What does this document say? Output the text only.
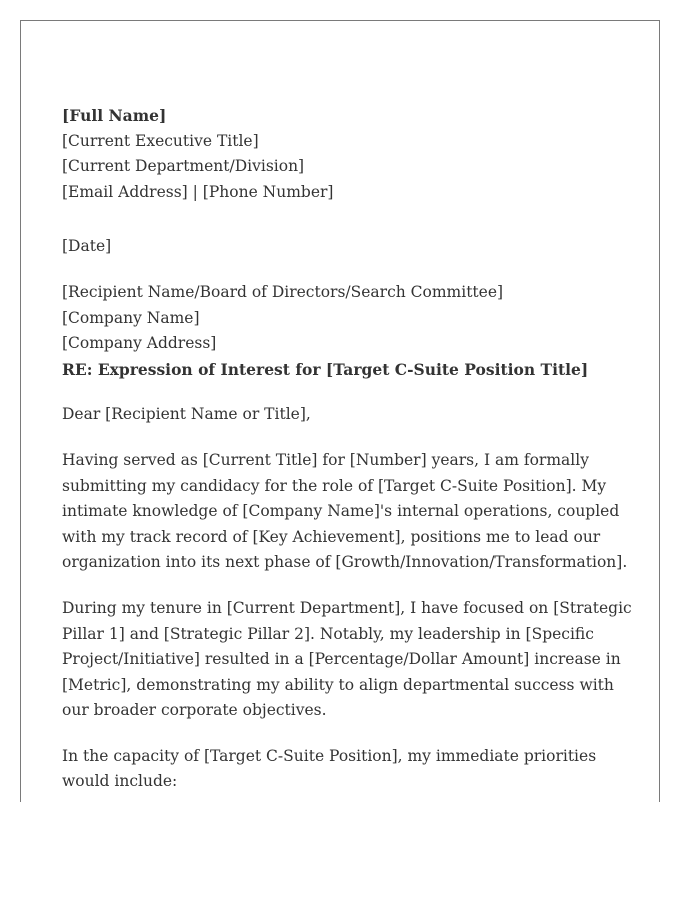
[Full Name]
[Current Executive Title]
[Current Department/Division]
[Email Address] | [Phone Number]
[Date]
[Recipient Name/Board of Directors/Search Committee]
[Company Name]
[Company Address]
RE: Expression of Interest for [Target C-Suite Position Title]
Dear [Recipient Name or Title],

Having served as [Current Title] for [Number] years, I am formally submitting my candidacy for the role of [Target C-Suite Position]. My intimate knowledge of [Company Name]'s internal operations, coupled with my track record of [Key Achievement], positions me to lead our organization into its next phase of [Growth/Innovation/Transformation].

During my tenure in [Current Department], I have focused on [Strategic Pillar 1] and [Strategic Pillar 2]. Notably, my leadership in [Specific Project/Initiative] resulted in a [Percentage/Dollar Amount] increase in [Metric], demonstrating my ability to align departmental success with our broader corporate objectives.

In the capacity of [Target C-Suite Position], my immediate priorities would include:
